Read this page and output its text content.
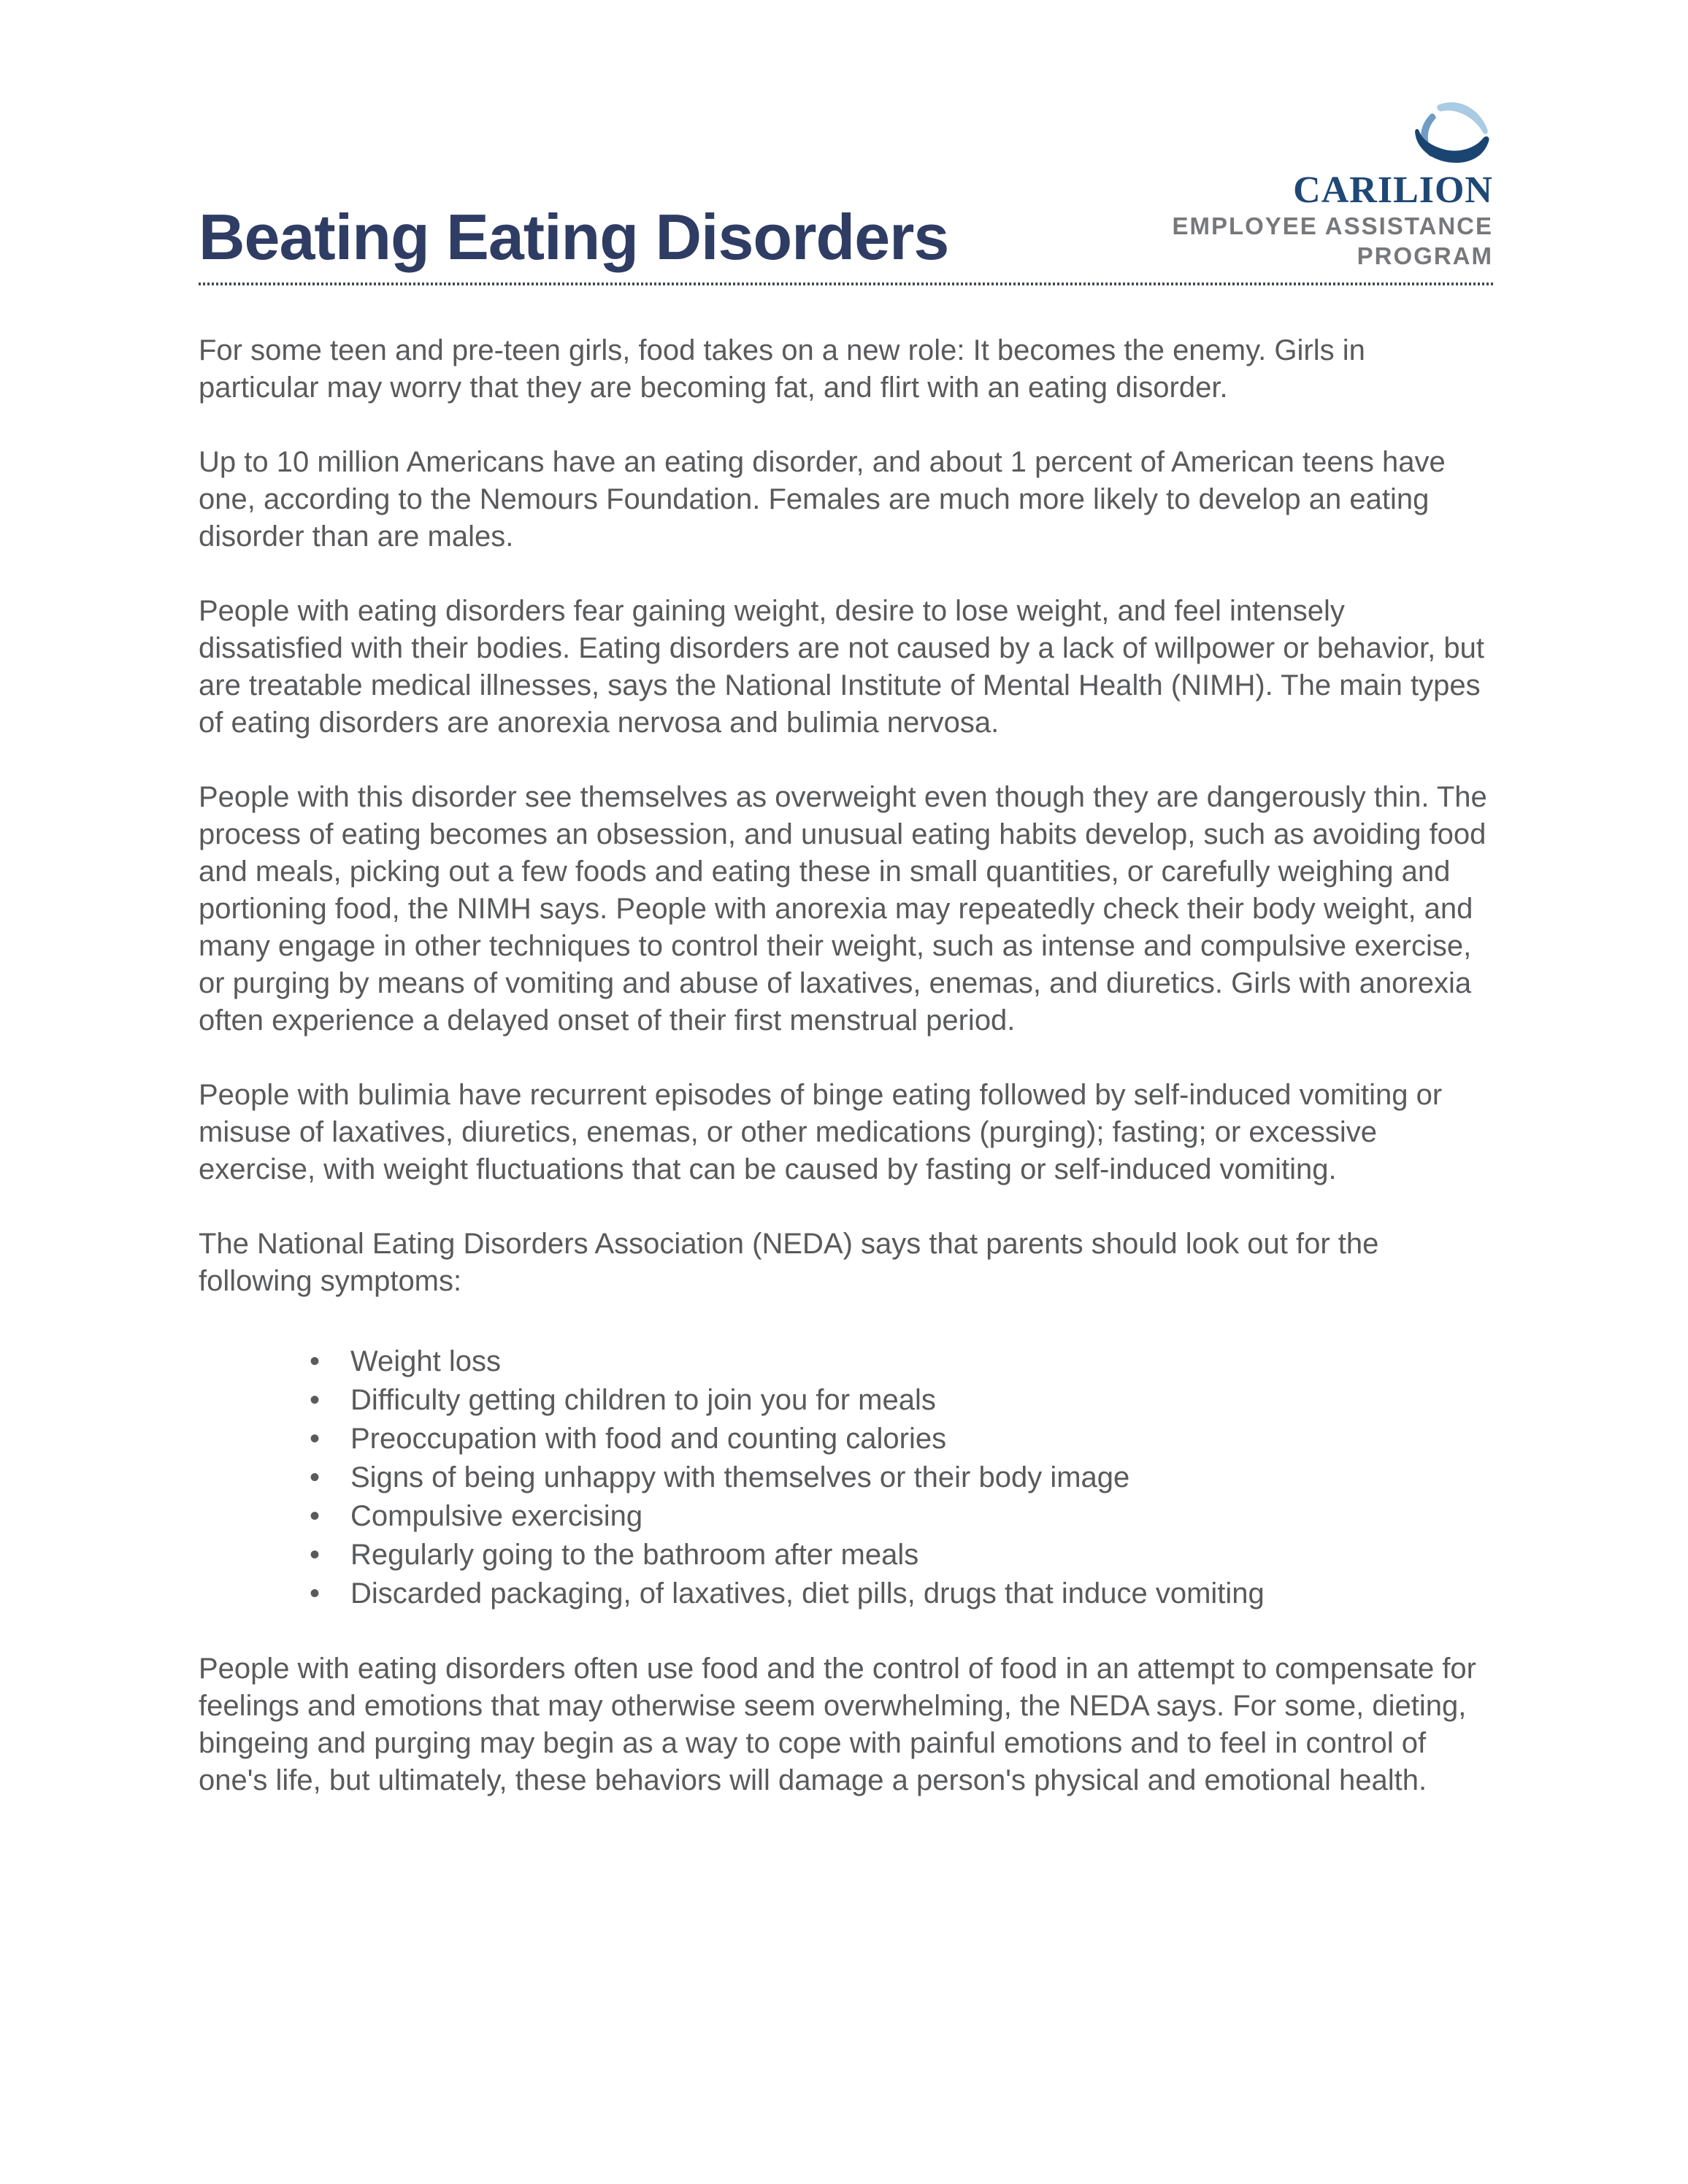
Beating Eating Disorders
CARILION
EMPLOYEE ASSISTANCE
PROGRAM

For some teen and pre-teen girls, food takes on a new role: It becomes the enemy. Girls in particular may worry that they are becoming fat, and flirt with an eating disorder.

Up to 10 million Americans have an eating disorder, and about 1 percent of American teens have one, according to the Nemours Foundation. Females are much more likely to develop an eating disorder than are males.

People with eating disorders fear gaining weight, desire to lose weight, and feel intensely dissatisfied with their bodies. Eating disorders are not caused by a lack of willpower or behavior, but are treatable medical illnesses, says the National Institute of Mental Health (NIMH). The main types of eating disorders are anorexia nervosa and bulimia nervosa.

People with this disorder see themselves as overweight even though they are dangerously thin. The process of eating becomes an obsession, and unusual eating habits develop, such as avoiding food and meals, picking out a few foods and eating these in small quantities, or carefully weighing and portioning food, the NIMH says. People with anorexia may repeatedly check their body weight, and many engage in other techniques to control their weight, such as intense and compulsive exercise, or purging by means of vomiting and abuse of laxatives, enemas, and diuretics. Girls with anorexia often experience a delayed onset of their first menstrual period.

People with bulimia have recurrent episodes of binge eating followed by self-induced vomiting or misuse of laxatives, diuretics, enemas, or other medications (purging); fasting; or excessive exercise, with weight fluctuations that can be caused by fasting or self-induced vomiting.

The National Eating Disorders Association (NEDA) says that parents should look out for the following symptoms:

• Weight loss
• Difficulty getting children to join you for meals
• Preoccupation with food and counting calories
• Signs of being unhappy with themselves or their body image
• Compulsive exercising
• Regularly going to the bathroom after meals
• Discarded packaging, of laxatives, diet pills, drugs that induce vomiting

People with eating disorders often use food and the control of food in an attempt to compensate for feelings and emotions that may otherwise seem overwhelming, the NEDA says. For some, dieting, bingeing and purging may begin as a way to cope with painful emotions and to feel in control of one's life, but ultimately, these behaviors will damage a person's physical and emotional health.
